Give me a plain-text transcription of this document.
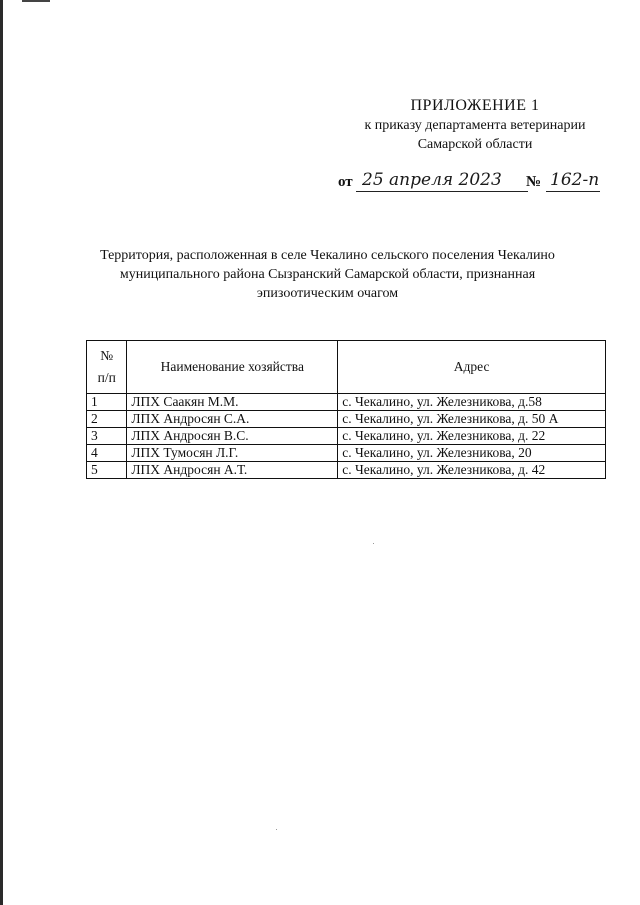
ПРИЛОЖЕНИЕ 1
к приказу департамента ветеринарии
Самарской области
от 25 апреля 2023 № 162-п
Территория, расположенная в селе Чекалино сельского поселения Чекалино
муниципального района Сызранский Самарской области, признанная
эпизоотическим очагом
№
п/п	Наименование хозяйства	Адрес
1	ЛПХ Саакян М.М.	с. Чекалино, ул. Железникова, д.58
2	ЛПХ Андросян С.А.	с. Чекалино, ул. Железникова, д. 50 А
3	ЛПХ Андросян В.С.	с. Чекалино, ул. Железникова, д. 22
4	ЛПХ Тумосян Л.Г.	с. Чекалино, ул. Железникова, 20
5	ЛПХ Андросян А.Т.	с. Чекалино, ул. Железникова, д. 42
